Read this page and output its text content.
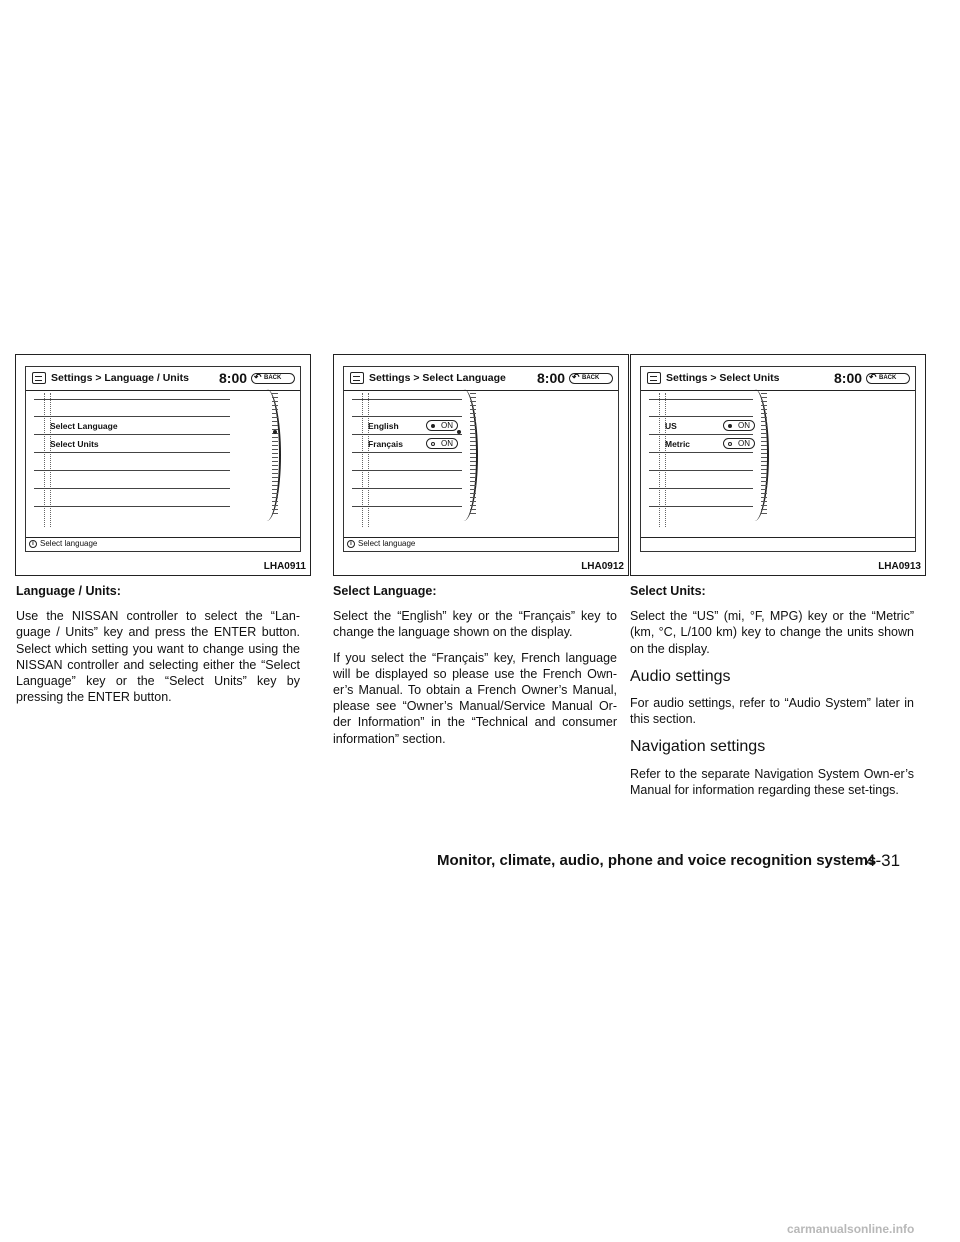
Settings > Language / Units 8:00	↶ BACK
Select Language
Select Units
i Select language
LHA0911
Settings > Select Language 8:00	↶ BACK
English	ON
Français	ON
i Select language
LHA0912
Settings > Select Units	8:00	↶ BACK
US	ON
Metric	ON
LHA0913
Language / Units:

Use the NISSAN controller to select the “Lan-guage / Units” key and press the ENTER button. Select which setting you want to change using the NISSAN controller and selecting either the “Select Language” key or the “Select Units” key by pressing the ENTER button.

Select Language:

Select the “English” key or the “Français” key to change the language shown on the display.

If you select the “Français” key, French language will be displayed so please use the French Own-er’s Manual. To obtain a French Owner’s Manual, please see “Owner’s Manual/Service Manual Or-der Information” in the “Technical and consumer information” section.

Select Units:

Select the “US” (mi, °F, MPG) key or the “Metric” (km, °C, L/100 km) key to change the units shown on the display.

Audio settings

For audio settings, refer to “Audio System” later in this section.

Navigation settings

Refer to the separate Navigation System Own-er’s Manual for information regarding these set-tings.

Monitor, climate, audio, phone and voice recognition systems
4-31
carmanualsonline.info
